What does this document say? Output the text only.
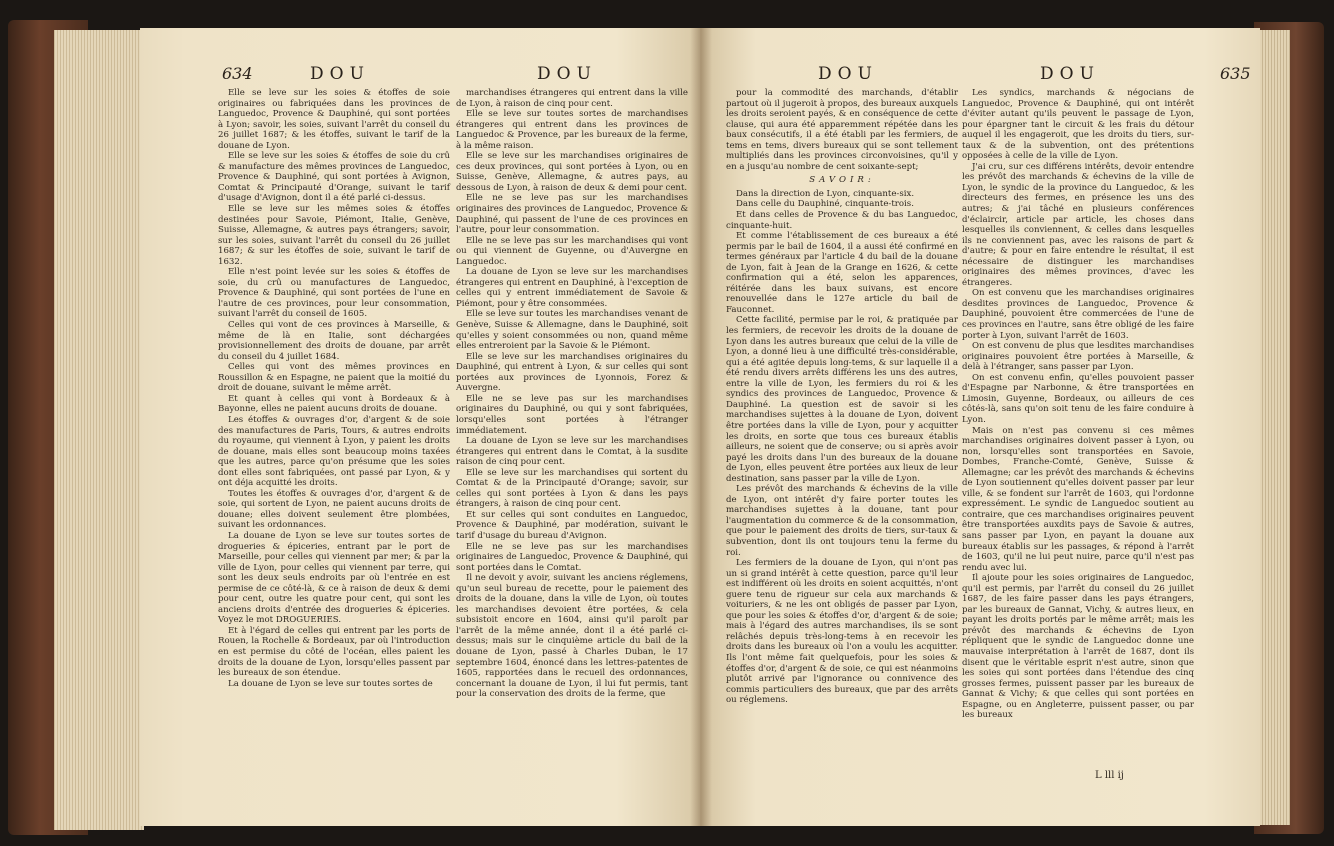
634	DOU	DOU

Elle se leve sur les soies & étoffes de soie originaires ou fabriquées dans les provinces de Languedoc, Provence & Dauphiné, qui sont portées à Lyon; savoir, les soies, suivant l'arrêt du conseil du 26 juillet 1687; & les étoffes, suivant le tarif de la douane de Lyon.

Elle se leve sur les soies & étoffes de soie du crû & manufacture des mêmes provinces de Languedoc, Provence & Dauphiné, qui sont portées à Avignon, Comtat & Principauté d'Orange, suivant le tarif d'usage d'Avignon, dont il a été parlé ci-dessus.

Elle se leve sur les mêmes soies & étoffes destinées pour Savoie, Piémont, Italie, Genève, Suisse, Allemagne, & autres pays étrangers; savoir, sur les soies, suivant l'arrêt du conseil du 26 juillet 1687; & sur les étoffes de soie, suivant le tarif de 1632.

Elle n'est point levée sur les soies & étoffes de soie, du crû ou manufactures de Languedoc, Provence & Dauphiné, qui sont portées de l'une en l'autre de ces provinces, pour leur consommation, suivant l'arrêt du conseil de 1605.

Celles qui vont de ces provinces à Marseille, & même de là en Italie, sont déchargées provisionnellement des droits de douane, par arrêt du conseil du 4 juillet 1684.

Celles qui vont des mêmes provinces en Roussillon & en Espagne, ne paient que la moitié du droit de douane, suivant le même arrêt.

Et quant à celles qui vont à Bordeaux & à Bayonne, elles ne paient aucuns droits de douane.

Les étoffes & ouvrages d'or, d'argent & de soie des manufactures de Paris, Tours, & autres endroits du royaume, qui viennent à Lyon, y paient les droits de douane, mais elles sont beaucoup moins taxées que les autres, parce qu'on présume que les soies dont elles sont fabriquées, ont passé par Lyon, & y ont déja acquitté les droits.

Toutes les étoffes & ouvrages d'or, d'argent & de soie, qui sortent de Lyon, ne paient aucuns droits de douane; elles doivent seulement être plombées, suivant les ordonnances.

La douane de Lyon se leve sur toutes sortes de drogueries & épiceries, entrant par le port de Marseille, pour celles qui viennent par mer; & par la ville de Lyon, pour celles qui viennent par terre, qui sont les deux seuls endroits par où l'entrée en est permise de ce côté-là, & ce à raison de deux & demi pour cent, outre les quatre pour cent, qui sont les anciens droits d'entrée des drogueries & épiceries. Voyez le mot DROGUERIES.

Et à l'égard de celles qui entrent par les ports de Rouen, la Rochelle & Bordeaux, par où l'introduction en est permise du côté de l'océan, elles paient les droits de la douane de Lyon, lorsqu'elles passent par les bureaux de son étendue.

La douane de Lyon se leve sur toutes sortes de

marchandises étrangeres qui entrent dans la ville de Lyon, à raison de cinq pour cent.

Elle se leve sur toutes sortes de marchandises étrangeres qui entrent dans les provinces de Languedoc & Provence, par les bureaux de la ferme, à la même raison.

Elle se leve sur les marchandises originaires de ces deux provinces, qui sont portées à Lyon, ou en Suisse, Genève, Allemagne, & autres pays, au dessous de Lyon, à raison de deux & demi pour cent.

Elle ne se leve pas sur les marchandises originaires des provinces de Languedoc, Provence & Dauphiné, qui passent de l'une de ces provinces en l'autre, pour leur consommation.

Elle ne se leve pas sur les marchandises qui vont ou qui viennent de Guyenne, ou d'Auvergne en Languedoc.

La douane de Lyon se leve sur les marchandises étrangeres qui entrent en Dauphiné, à l'exception de celles qui y entrent immédiatement de Savoie & Piémont, pour y être consommées.

Elle se leve sur toutes les marchandises venant de Genève, Suisse & Allemagne, dans le Dauphiné, soit qu'elles y soient consommées ou non, quand même elles entreroient par la Savoie & le Piémont.

Elle se leve sur les marchandises originaires du Dauphiné, qui entrent à Lyon, & sur celles qui sont portées aux provinces de Lyonnois, Forez & Auvergne.

Elle ne se leve pas sur les marchandises originaires du Dauphiné, ou qui y sont fabriquées, lorsqu'elles sont portées à l'étranger immédiatement.

La douane de Lyon se leve sur les marchandises étrangeres qui entrent dans le Comtat, à la susdite raison de cinq pour cent.

Elle se leve sur les marchandises qui sortent du Comtat & de la Principauté d'Orange; savoir, sur celles qui sont portées à Lyon & dans les pays étrangers, à raison de cinq pour cent.

Et sur celles qui sont conduites en Languedoc, Provence & Dauphiné, par modération, suivant le tarif d'usage du bureau d'Avignon.

Elle ne se leve pas sur les marchandises originaires de Languedoc, Provence & Dauphiné, qui sont portées dans le Comtat.

Il ne devoit y avoir, suivant les anciens réglemens, qu'un seul bureau de recette, pour le paiement des droits de la douane, dans la ville de Lyon, où toutes les marchandises devoient être portées, & cela subsistoit encore en 1604, ainsi qu'il paroît par l'arrêt de la même année, dont il a été parlé ci-dessus; mais sur le cinquième article du bail de la douane de Lyon, passé à Charles Duban, le 17 septembre 1604, énoncé dans les lettres-patentes de 1605, rapportées dans le recueil des ordonnances, concernant la douane de Lyon, il lui fut permis, tant pour la conservation des droits de la ferme, que

DOU	DOU	635

pour la commodité des marchands, d'établir partout où il jugeroit à propos, des bureaux auxquels les droits seroient payés, & en conséquence de cette clause, qui aura été apparemment répétée dans les baux consécutifs, il a été établi par les fermiers, de tems en tems, divers bureaux qui se sont tellement multipliés dans les provinces circonvoisines, qu'il y en a jusqu'au nombre de cent soixante-sept;

SAVOIR:

Dans la direction de Lyon, cinquante-six.

Dans celle du Dauphiné, cinquante-trois.

Et dans celles de Provence & du bas Languedoc, cinquante-huit.

Et comme l'établissement de ces bureaux a été permis par le bail de 1604, il a aussi été confirmé en termes généraux par l'article 4 du bail de la douane de Lyon, fait à Jean de la Grange en 1626, & cette confirmation qui a été, selon les apparences, réitérée dans les baux suivans, est encore renouvellée dans le 127e article du bail de Fauconnet.

Cette facilité, permise par le roi, & pratiquée par les fermiers, de recevoir les droits de la douane de Lyon dans les autres bureaux que celui de la ville de Lyon, a donné lieu à une difficulté très-considérable, qui a été agitée depuis long-tems, & sur laquelle il a été rendu divers arrêts différens les uns des autres, entre la ville de Lyon, les fermiers du roi & les syndics des provinces de Languedoc, Provence & Dauphiné. La question est de savoir si les marchandises sujettes à la douane de Lyon, doivent être portées dans la ville de Lyon, pour y acquitter les droits, en sorte que tous ces bureaux établis ailleurs, ne soient que de conserve; ou si après avoir payé les droits dans l'un des bureaux de la douane de Lyon, elles peuvent être portées aux lieux de leur destination, sans passer par la ville de Lyon.

Les prévôt des marchands & échevins de la ville de Lyon, ont intérêt d'y faire porter toutes les marchandises sujettes à la douane, tant pour l'augmentation du commerce & de la consommation, que pour le paiement des droits de tiers, sur-taux & subvention, dont ils ont toujours tenu la ferme du roi.

Les fermiers de la douane de Lyon, qui n'ont pas un si grand intérêt à cette question, parce qu'il leur est indifférent où les droits en soient acquittés, n'ont guere tenu de rigueur sur cela aux marchands & voituriers, & ne les ont obligés de passer par Lyon, que pour les soies & étoffes d'or, d'argent & de soie; mais à l'égard des autres marchandises, ils se sont relâchés depuis très-long-tems à en recevoir les droits dans les bureaux où l'on a voulu les acquitter. Ils l'ont même fait quelquefois, pour les soies & étoffes d'or, d'argent & de soie, ce qui est néanmoins plutôt arrivé par l'ignorance ou connivence des commis particuliers des bureaux, que par des arrêts ou réglemens.

Les syndics, marchands & négocians de Languedoc, Provence & Dauphiné, qui ont intérêt d'éviter autant qu'ils peuvent le passage de Lyon, pour épargner tant le circuit & les frais du détour auquel il les engageroit, que les droits du tiers, sur-taux & de la subvention, ont des prétentions opposées à celle de la ville de Lyon.

J'ai cru, sur ces différens intérêts, devoir entendre les prévôt des marchands & échevins de la ville de Lyon, le syndic de la province du Languedoc, & les directeurs des fermes, en présence les uns des autres; & j'ai tâché en plusieurs conférences d'éclaircir, article par article, les choses dans lesquelles ils conviennent, & celles dans lesquelles ils ne conviennent pas, avec les raisons de part & d'autre; & pour en faire entendre le résultat, il est nécessaire de distinguer les marchandises originaires des mêmes provinces, d'avec les étrangeres.

On est convenu que les marchandises originaires desdites provinces de Languedoc, Provence & Dauphiné, pouvoient être commercées de l'une de ces provinces en l'autre, sans être obligé de les faire porter à Lyon, suivant l'arrêt de 1603.

On est convenu de plus que lesdites marchandises originaires pouvoient être portées à Marseille, & delà à l'étranger, sans passer par Lyon.

On est convenu enfin, qu'elles pouvoient passer d'Espagne par Narbonne, & être transportées en Limosin, Guyenne, Bordeaux, ou ailleurs de ces côtés-là, sans qu'on soit tenu de les faire conduire à Lyon.

Mais on n'est pas convenu si ces mêmes marchandises originaires doivent passer à Lyon, ou non, lorsqu'elles sont transportées en Savoie, Dombes, Franche-Comté, Genève, Suisse & Allemagne; car les prévôt des marchands & échevins de Lyon soutiennent qu'elles doivent passer par leur ville, & se fondent sur l'arrêt de 1603, qui l'ordonne expressément. Le syndic de Languedoc soutient au contraire, que ces marchandises originaires peuvent être transportées auxdits pays de Savoie & autres, sans passer par Lyon, en payant la douane aux bureaux établis sur les passages, & répond à l'arrêt de 1603, qu'il ne lui peut nuire, parce qu'il n'est pas rendu avec lui.

Il ajoute pour les soies originaires de Languedoc, qu'il est permis, par l'arrêt du conseil du 26 juillet 1687, de les faire passer dans les pays étrangers, par les bureaux de Gannat, Vichy, & autres lieux, en payant les droits portés par le même arrêt; mais les prévôt des marchands & échevins de Lyon répliquent que le syndic de Languedoc donne une mauvaise interprétation à l'arrêt de 1687, dont ils disent que le véritable esprit n'est autre, sinon que les soies qui sont portées dans l'étendue des cinq grosses fermes, puissent passer par les bureaux de Gannat & Vichy; & que celles qui sont portées en Espagne, ou en Angleterre, puissent passer, ou par les bureaux

L lll ij
